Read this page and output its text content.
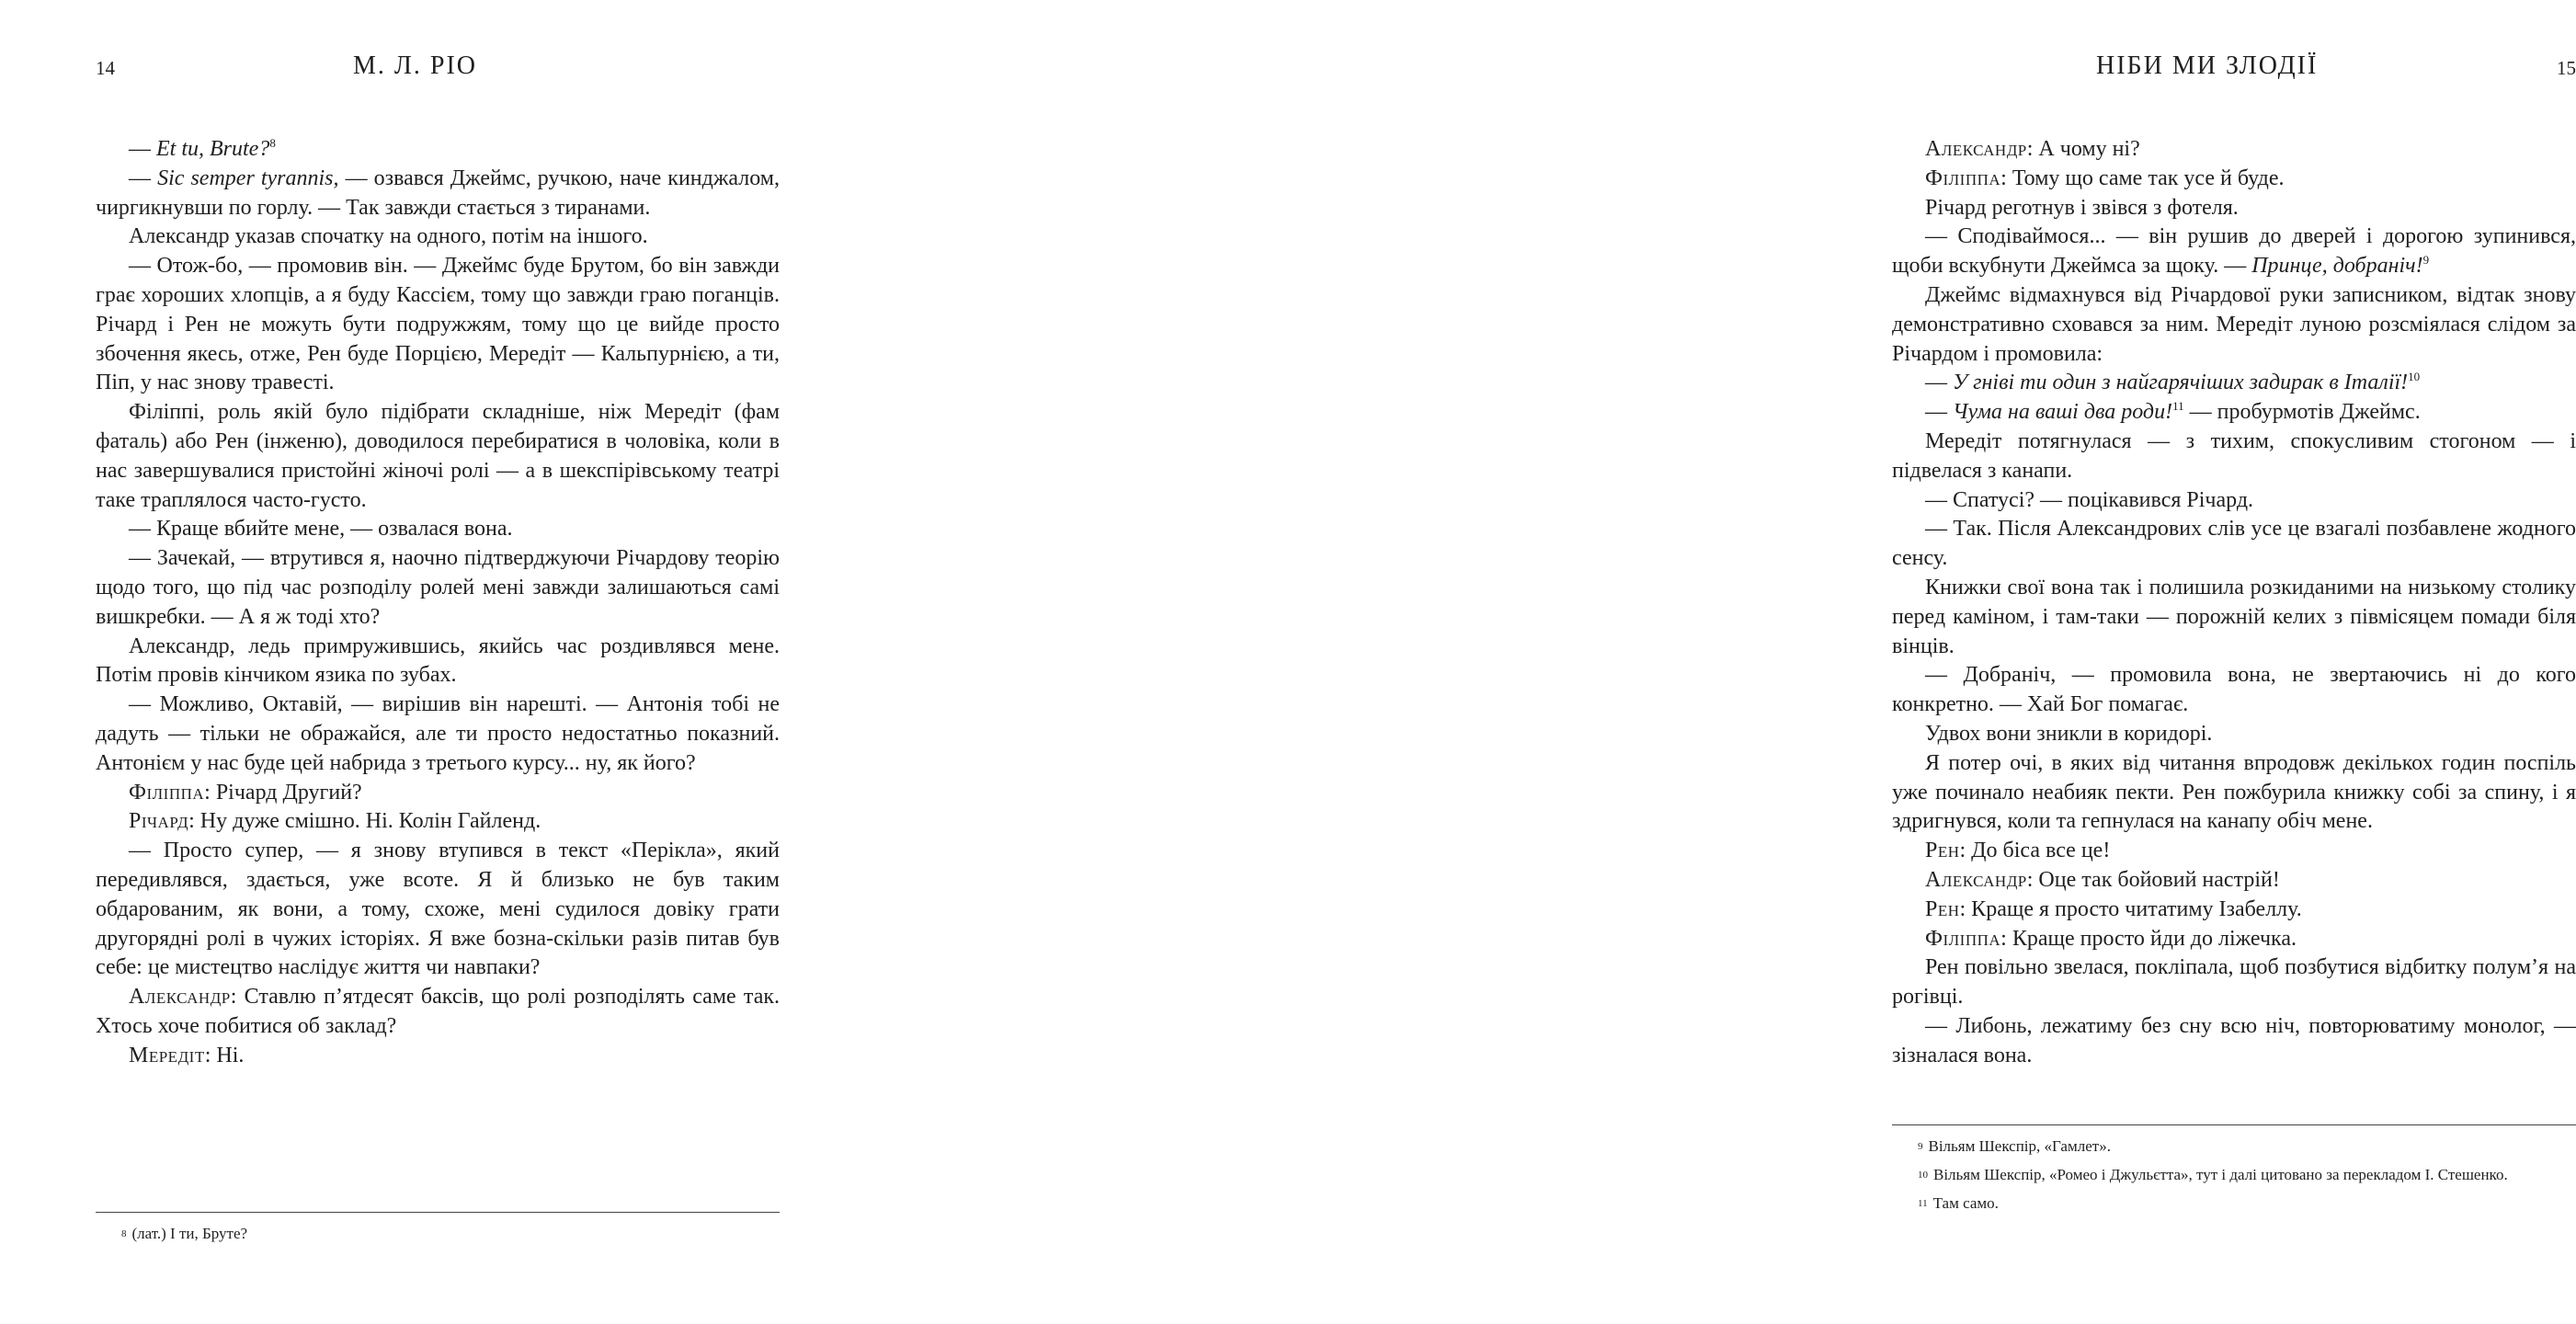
14	М. Л. РІО

— Et tu, Brute?$^8$

— Sic semper tyrannis, — озвався Джеймс, ручкою, наче кинджалом, чиргикнувши по горлу. — Так завжди стається з тиранами.

Александр указав спочатку на одного, потім на іншого.

— Отож-бо, — промовив він. — Джеймс буде Брутом, бо він завжди грає хороших хлопців, а я буду Кассієм, тому що завжди граю поганців. Річард і Рен не можуть бути подружжям, тому що це вийде просто збочення якесь, отже, Рен буде Порцією, Мередіт — Кальпурнією, а ти, Піп, у нас знову травесті.

Філіппі, роль якій було підібрати складніше, ніж Мередіт (фам фаталь) або Рен (інженю), доводилося перебиратися в чоловіка, коли в нас завершувалися пристойні жіночі ролі — а в шекспірівському театрі таке траплялося часто-густо.

— Краще вбийте мене, — озвалася вона.

— Зачекай, — втрутився я, наочно підтверджуючи Річардову теорію щодо того, що під час розподілу ролей мені завжди залишаються самі вишкребки. — А я ж тоді хто?

Александр, ледь примружившись, якийсь час роздивлявся мене. Потім провів кінчиком язика по зубах.

— Можливо, Октавій, — вирішив він нарешті. — Антонія тобі не дадуть — тільки не ображайся, але ти просто недостатньо показний. Антонієм у нас буде цей набрида з третього курсу... ну, як його?

Філіппа: Річард Другий?

Річард: Ну дуже смішно. Ні. Колін Гайленд.

— Просто супер, — я знову втупився в текст «Перікла», який передивлявся, здається, уже всоте. Я й близько не був таким обдарованим, як вони, а тому, схоже, мені судилося довіку грати другорядні ролі в чужих історіях. Я вже бозна-скільки разів питав був себе: це мистецтво наслідує життя чи навпаки?

Александр: Ставлю п’ятдесят баксів, що ролі розподілять саме так. Хтось хоче побитися об заклад?

Мередіт: Ні.

$^8$ (лат.) І ти, Бруте?

НІБИ МИ ЗЛОДІЇ	15

Александр: А чому ні?

Філіппа: Тому що саме так усе й буде.

Річард реготнув і звівся з фотеля.

— Сподіваймося... — він рушив до дверей і дорогою зупинився, щоби вскубнути Джеймса за щоку. — Принце, добраніч!$^9$

Джеймс відмахнувся від Річардової руки записником, відтак знову демонстративно сховався за ним. Мередіт луною розсміялася слідом за Річардом і промовила:

— У гніві ти один з найгарячіших задирак в Італії!$^{10}$

— Чума на ваші два роди!$^{11}$ — пробурмотів Джеймс.

Мередіт потягнулася — з тихим, спокусливим стогоном — і підвелася з канапи.

— Спатусі? — поцікавився Річард.

— Так. Після Александрових слів усе це взагалі позбавлене жодного сенсу.

Книжки свої вона так і полишила розкиданими на низькому столику перед каміном, і там-таки — порожній келих з півмісяцем помади біля вінців.

— Добраніч, — промовила вона, не звертаючись ні до кого конкретно. — Хай Бог помагає.

Удвох вони зникли в коридорі.

Я потер очі, в яких від читання впродовж декількох годин поспіль уже починало неабияк пекти. Рен пожбурила книжку собі за спину, і я здригнувся, коли та гепнулася на канапу обіч мене.

Рен: До біса все це!

Александр: Оце так бойовий настрій!

Рен: Краще я просто читатиму Ізабеллу.

Філіппа: Краще просто йди до ліжечка.

Рен повільно звелася, покліпала, щоб позбутися відбитку полум’я на рогівці.

— Либонь, лежатиму без сну всю ніч, повторюватиму монолог, — зізналася вона.

$^9$ Вільям Шекспір, «Гамлет».

$^{10}$ Вільям Шекспір, «Ромео і Джульєтта», тут і далі цитовано за перекладом І. Стешенко.

$^{11}$ Там само.
